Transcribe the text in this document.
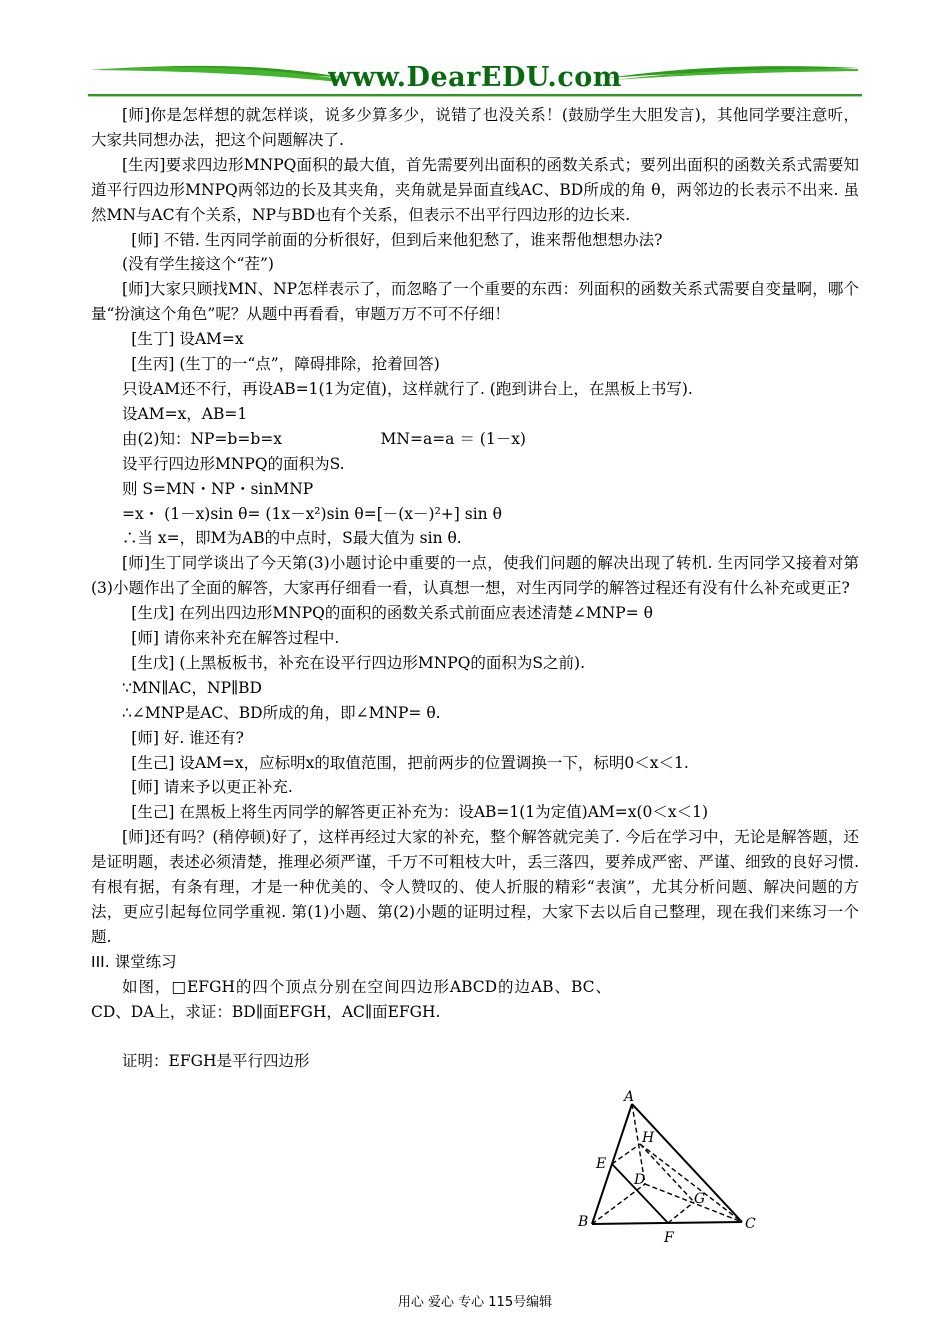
www.DearEDU.com

[师]你是怎样想的就怎样谈，说多少算多少，说错了也没关系！(鼓励学生大胆发言)，其他同学要注意听，大家共同想办法，把这个问题解决了.

[生丙]要求四边形MNPQ面积的最大值，首先需要列出面积的函数关系式；要列出面积的函数关系式需要知道平行四边形MNPQ两邻边的长及其夹角，夹角就是异面直线AC、BD所成的角 θ，两邻边的长表示不出来. 虽然MN与AC有个关系，NP与BD也有个关系，但表示不出平行四边形的边长来.

[师] 不错. 生丙同学前面的分析很好，但到后来他犯愁了，谁来帮他想想办法?

(没有学生接这个“茬”)

[师]大家只顾找MN、NP怎样表示了，而忽略了一个重要的东西：列面积的函数关系式需要自变量啊，哪个量“扮演这个角色”呢？从题中再看看，审题万万不可不仔细！

[生丁] 设AM=x

[生丙] (生丁的一“点”，障碍排除，抢着回答)

只设AM还不行，再设AB=1(1为定值)，这样就行了. (跑到讲台上，在黑板上书写).

设AM=x，AB=1

由(2)知：NP=b=b=x                    MN=a=a ＝ (1－x)

设平行四边形MNPQ的面积为S.

则 S=MN・NP・sinMNP

=x・ (1－x)sin θ= (1x－x²)sin θ=[－(x－)²+] sin θ

∴当 x=，即M为AB的中点时，S最大值为 sin θ.

[师]生丁同学谈出了今天第(3)小题讨论中重要的一点，使我们问题的解决出现了转机. 生丙同学又接着对第(3)小题作出了全面的解答，大家再仔细看一看，认真想一想，对生丙同学的解答过程还有没有什么补充或更正?

[生戊] 在列出四边形MNPQ的面积的函数关系式前面应表述清楚∠MNP= θ

[师] 请你来补充在解答过程中.

[生戊] (上黑板板书，补充在设平行四边形MNPQ的面积为S之前).

∵MN∥AC，NP∥BD

∴∠MNP是AC、BD所成的角，即∠MNP= θ.

[师] 好. 谁还有?

[生己] 设AM=x，应标明x的取值范围，把前两步的位置调换一下，标明0＜x＜1.

[师] 请来予以更正补充.

[生己] 在黑板上将生丙同学的解答更正补充为：设AB=1(1为定值)AM=x(0＜x＜1)

[师]还有吗？(稍停顿)好了，这样再经过大家的补充，整个解答就完美了. 今后在学习中，无论是解答题，还是证明题，表述必须清楚，推理必须严谨，千万不可粗枝大叶，丢三落四，要养成严密、严谨、细致的良好习惯. 有根有据，有条有理，才是一种优美的、令人赞叹的、使人折服的精彩“表演”，尤其分析问题、解决问题的方法，更应引起每位同学重视. 第(1)小题、第(2)小题的证明过程，大家下去以后自己整理，现在我们来练习一个题.

III. 课堂练习

如图，□EFGH的四个顶点分别在空间四边形ABCD的边AB、BC、CD、DA上，求证：BD∥面EFGH，AC∥面EFGH.

证明：EFGH是平行四边形

A
H
E
D
G
B
F
C
用心 爱心 专心 115号编辑
